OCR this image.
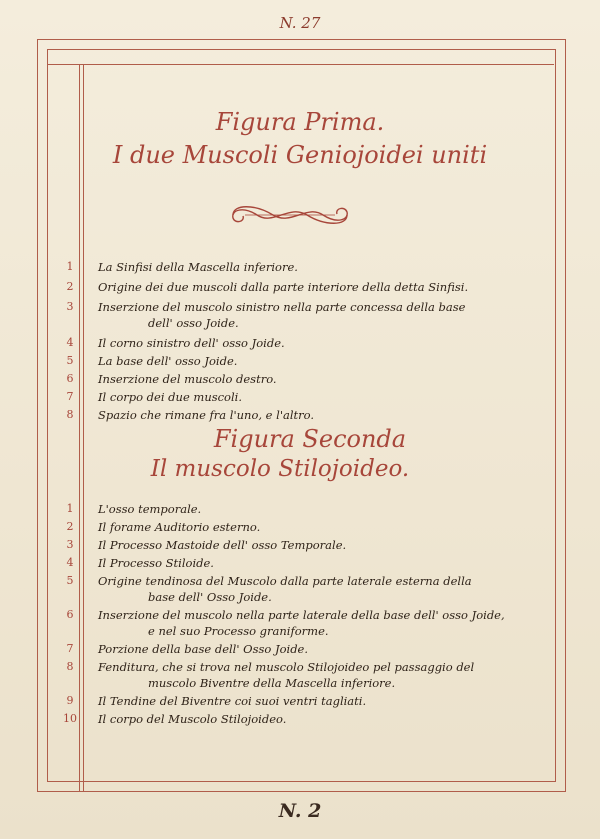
N. 27
Figura Prima.
I due Muscoli Geniojoidei uniti
1	La Sinfisi della Mascella inferiore.
2	Origine dei due muscoli dalla parte interiore della detta Sinfisi.
3	Inserzione del muscolo sinistro nella parte concessa della base
dell' osso Joide.
4	Il corno sinistro dell' osso Joide.
5	La base dell' osso Joide.
6	Inserzione del muscolo destro.
7	Il corpo dei due muscoli.
8	Spazio che rimane fra l'uno, e l'altro.
Figura Seconda
Il muscolo Stilojoideo.
1	L'osso temporale.
2	Il forame Auditorio esterno.
3	Il Processo Mastoide dell' osso Temporale.
4	Il Processo Stiloide.
5	Origine tendinosa del Muscolo dalla parte laterale esterna della
base dell' Osso Joide.
6	Inserzione del muscolo nella parte laterale della base dell' osso Joide,
e nel suo Processo graniforme.
7	Porzione della base dell' Osso Joide.
8	Fenditura, che si trova nel muscolo Stilojoideo pel passaggio del
muscolo Biventre della Mascella inferiore.
9	Il Tendine del Biventre coi suoi ventri tagliati.
10 Il corpo del Muscolo Stilojoideo.
N. 2
